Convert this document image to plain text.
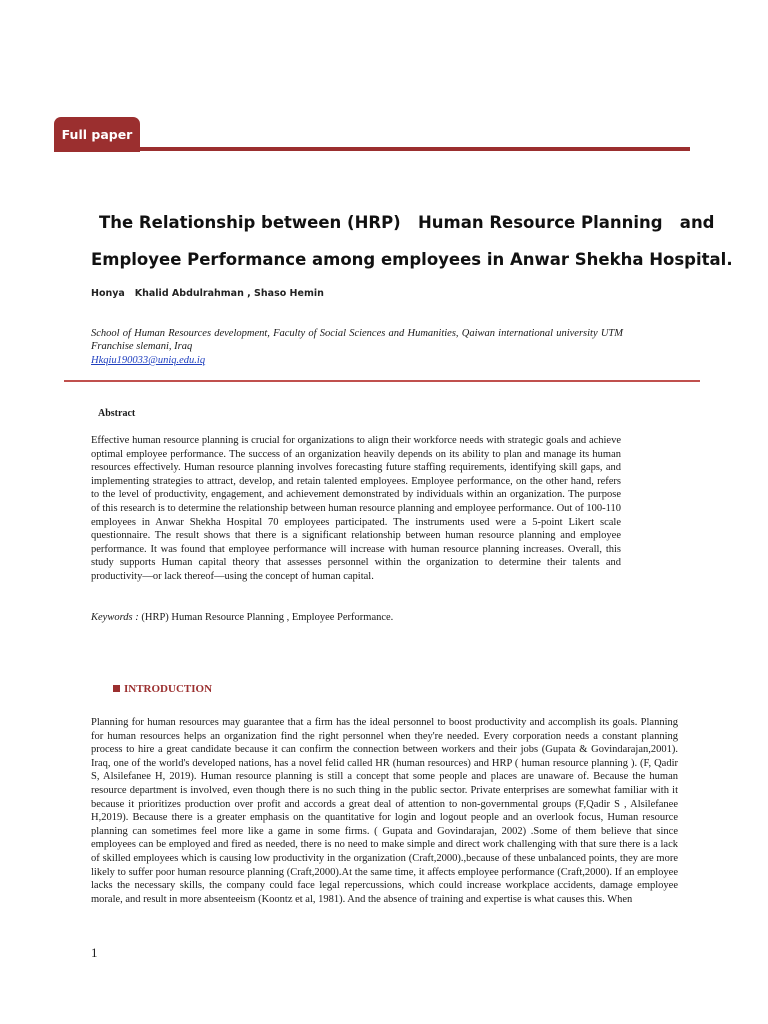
Full paper
The Relationship between (HRP)   Human Resource Planning   and
Employee Performance among employees in Anwar Shekha Hospital.
Honya   Khalid Abdulrahman , Shaso Hemin
School of Human Resources development, Faculty of Social Sciences and Humanities, Qaiwan international university UTM Franchise slemani, Iraq
Hkqiu190033@uniq.edu.iq
Abstract
Effective human resource planning is crucial for organizations to align their workforce needs with strategic goals and achieve optimal employee performance. The success of an organization heavily depends on its ability to plan and manage its human resources effectively. Human resource planning involves forecasting future staffing requirements, identifying skill gaps, and implementing strategies to attract, develop, and retain talented employees. Employee performance, on the other hand, refers to the level of productivity, engagement, and achievement demonstrated by individuals within an organization. The purpose of this research is to determine the relationship between human resource planning and employee performance. Out of 100-110 employees in Anwar Shekha Hospital 70 employees participated. The instruments used were a 5-point Likert scale questionnaire. The result shows that there is a significant relationship between human resource planning and employee performance. It was found that employee performance will increase with human resource planning increases. Overall, this study supports Human capital theory that assesses personnel within the organization to determine their talents and productivity—or lack thereof—using the concept of human capital.
Keywords : (HRP) Human Resource Planning , Employee Performance.
INTRODUCTION
Planning for human resources may guarantee that a firm has the ideal personnel to boost productivity and accomplish its goals. Planning for human resources helps an organization find the right personnel when they're needed. Every corporation needs a constant planning process to hire a great candidate because it can confirm the connection between workers and their jobs (Gupata & Govindarajan,2001). Iraq, one of the world's developed nations, has a novel felid called HR (human resources) and HRP ( human resource planning ). (F, Qadir S, Alsilefanee H, 2019). Human resource planning is still a concept that some people and places are unaware of. Because the human resource department is involved, even though there is no such thing in the public sector. Private enterprises are somewhat familiar with it because it prioritizes production over profit and accords a great deal of attention to non-governmental groups (F,Qadir S , Alsilefanee H,2019). Because there is a greater emphasis on the quantitative for login and logout people and an overlook focus, Human resource planning can sometimes feel more like a game in some firms. ( Gupata and Govindarajan, 2002) .Some of them believe that since employees can be employed and fired as needed, there is no need to make simple and direct work challenging with that sure there is a lack of skilled employees which is causing low productivity in the organization (Craft,2000).,because of these unbalanced points, they are more likely to suffer poor human resource planning (Craft,2000).At the same time, it affects employee performance (Craft,2000). If an employee lacks the necessary skills, the company could face legal repercussions, which could increase workplace accidents, damage employee morale, and result in more absenteeism (Koontz et al, 1981). And the absence of training and expertise is what causes this. When
1
